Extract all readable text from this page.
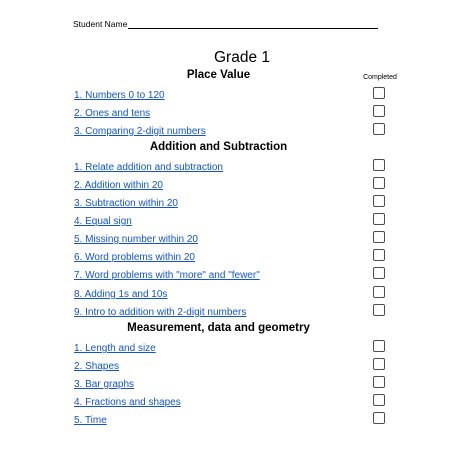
Student Name
Grade 1
Completed
Place Value
1. Numbers 0 to 120
2. Ones and tens
3. Comparing 2-digit numbers
Addition and Subtraction
1. Relate addition and subtraction
2. Addition within 20
3. Subtraction within 20
4. Equal sign
5. Missing number within 20
6. Word problems within 20
7. Word problems with "more" and "fewer"
8. Adding 1s and 10s
9. Intro to addition with 2-digit numbers
Measurement, data and geometry
1. Length and size
2. Shapes
3. Bar graphs
4. Fractions and shapes
5. Time
